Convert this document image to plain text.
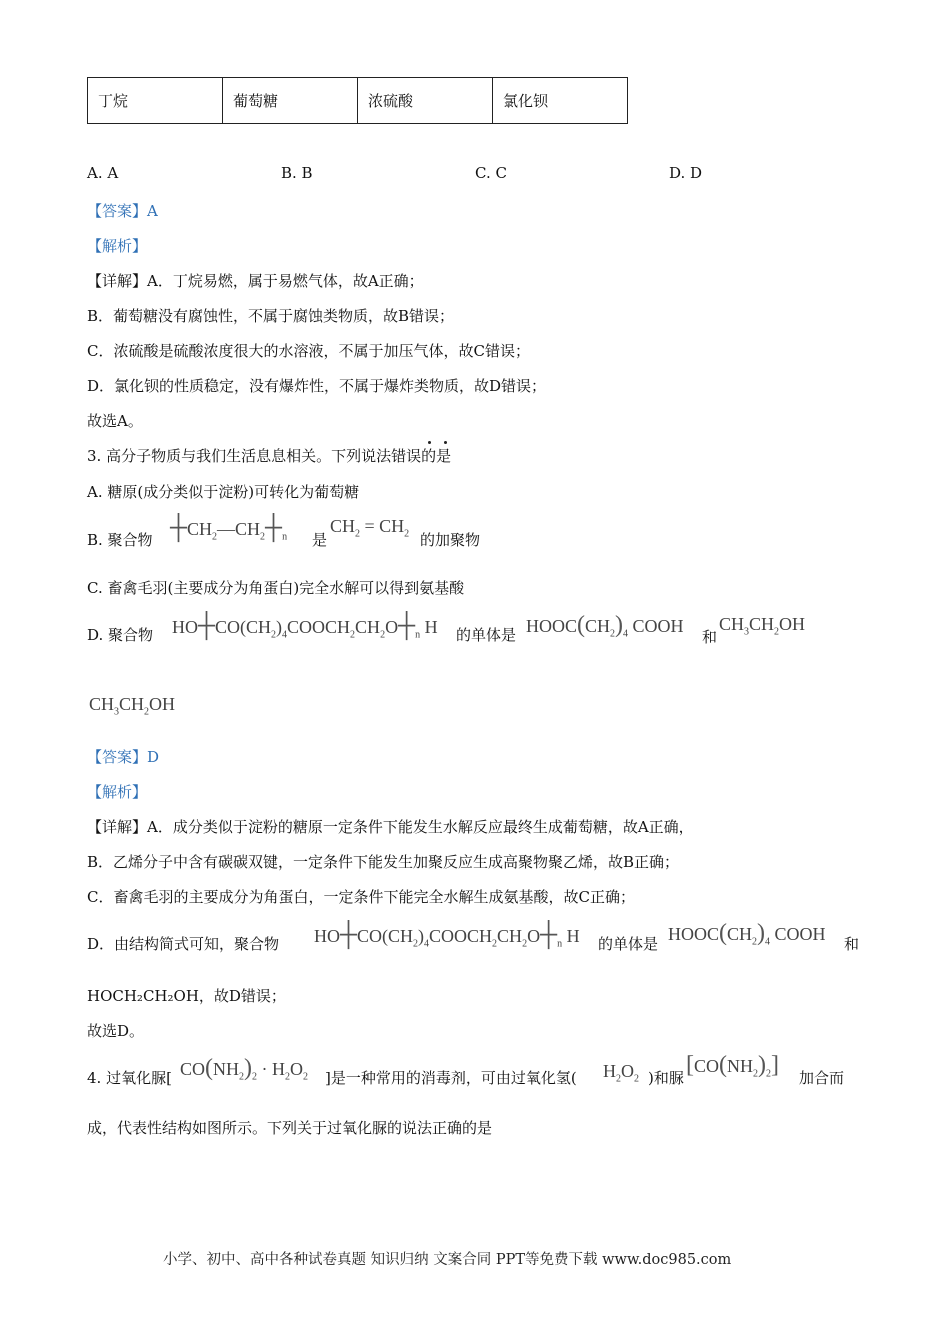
丁烷	葡萄糖	浓硫酸	氯化钡
A. A	B. B	C. C	D. D
【答案】A
【解析】
【详解】A．丁烷易燃，属于易燃气体，故A正确；
B．葡萄糖没有腐蚀性，不属于腐蚀类物质，故B错误；
C．浓硫酸是硫酸浓度很大的水溶液，不属于加压气体，故C错误；
D．氯化钡的性质稳定，没有爆炸性，不属于爆炸类物质，故D错误；
故选A。
3. 高分子物质与我们生活息息相关。下列说法错误的是
A. 糖原(成分类似于淀粉)可转化为葡萄糖
B. 聚合物 $┼CH_2—CH_2┼_n$ 是
$CH_2 = CH_2$ 的加聚物
C. 畜禽毛羽(主要成分为角蛋白)完全水解可以得到氨基酸
D. 聚合物 $HO┼CO(CH_2)_4COOCH_2CH_2O┼_n$ H 的单体是 $HOOC(CH_2)_4$ COOH
和
$CH_3CH_2OH$
$CH_3CH_2OH$
【答案】D
【解析】
【详解】A．成分类似于淀粉的糖原一定条件下能发生水解反应最终生成葡萄糖，故A正确，
B．乙烯分子中含有碳碳双键，一定条件下能发生加聚反应生成高聚物聚乙烯，故B正确；
C．畜禽毛羽的主要成分为角蛋白，一定条件下能完全水解生成氨基酸，故C正确；
D．由结构简式可知，聚合物 $HO┼CO(CH_2)_4COOCH_2CH_2O┼_n$ H 的单体是 $HOOC(CH_2)_4$ COOH 和
HOCH₂CH₂OH，故D错误；
故选D。
4. 过氧化脲[ $CO(NH_2)_2 \cdot H_2O_2$ ]是一种常用的消毒剂，可由过氧化氢( $H_2O_2$ )和脲 $[CO(NH_2)_2]$ 加合而
成，代表性结构如图所示。下列关于过氧化脲的说法正确的是
小学、初中、高中各种试卷真题 知识归纳 文案合同 PPT等免费下载 www.doc985.com
